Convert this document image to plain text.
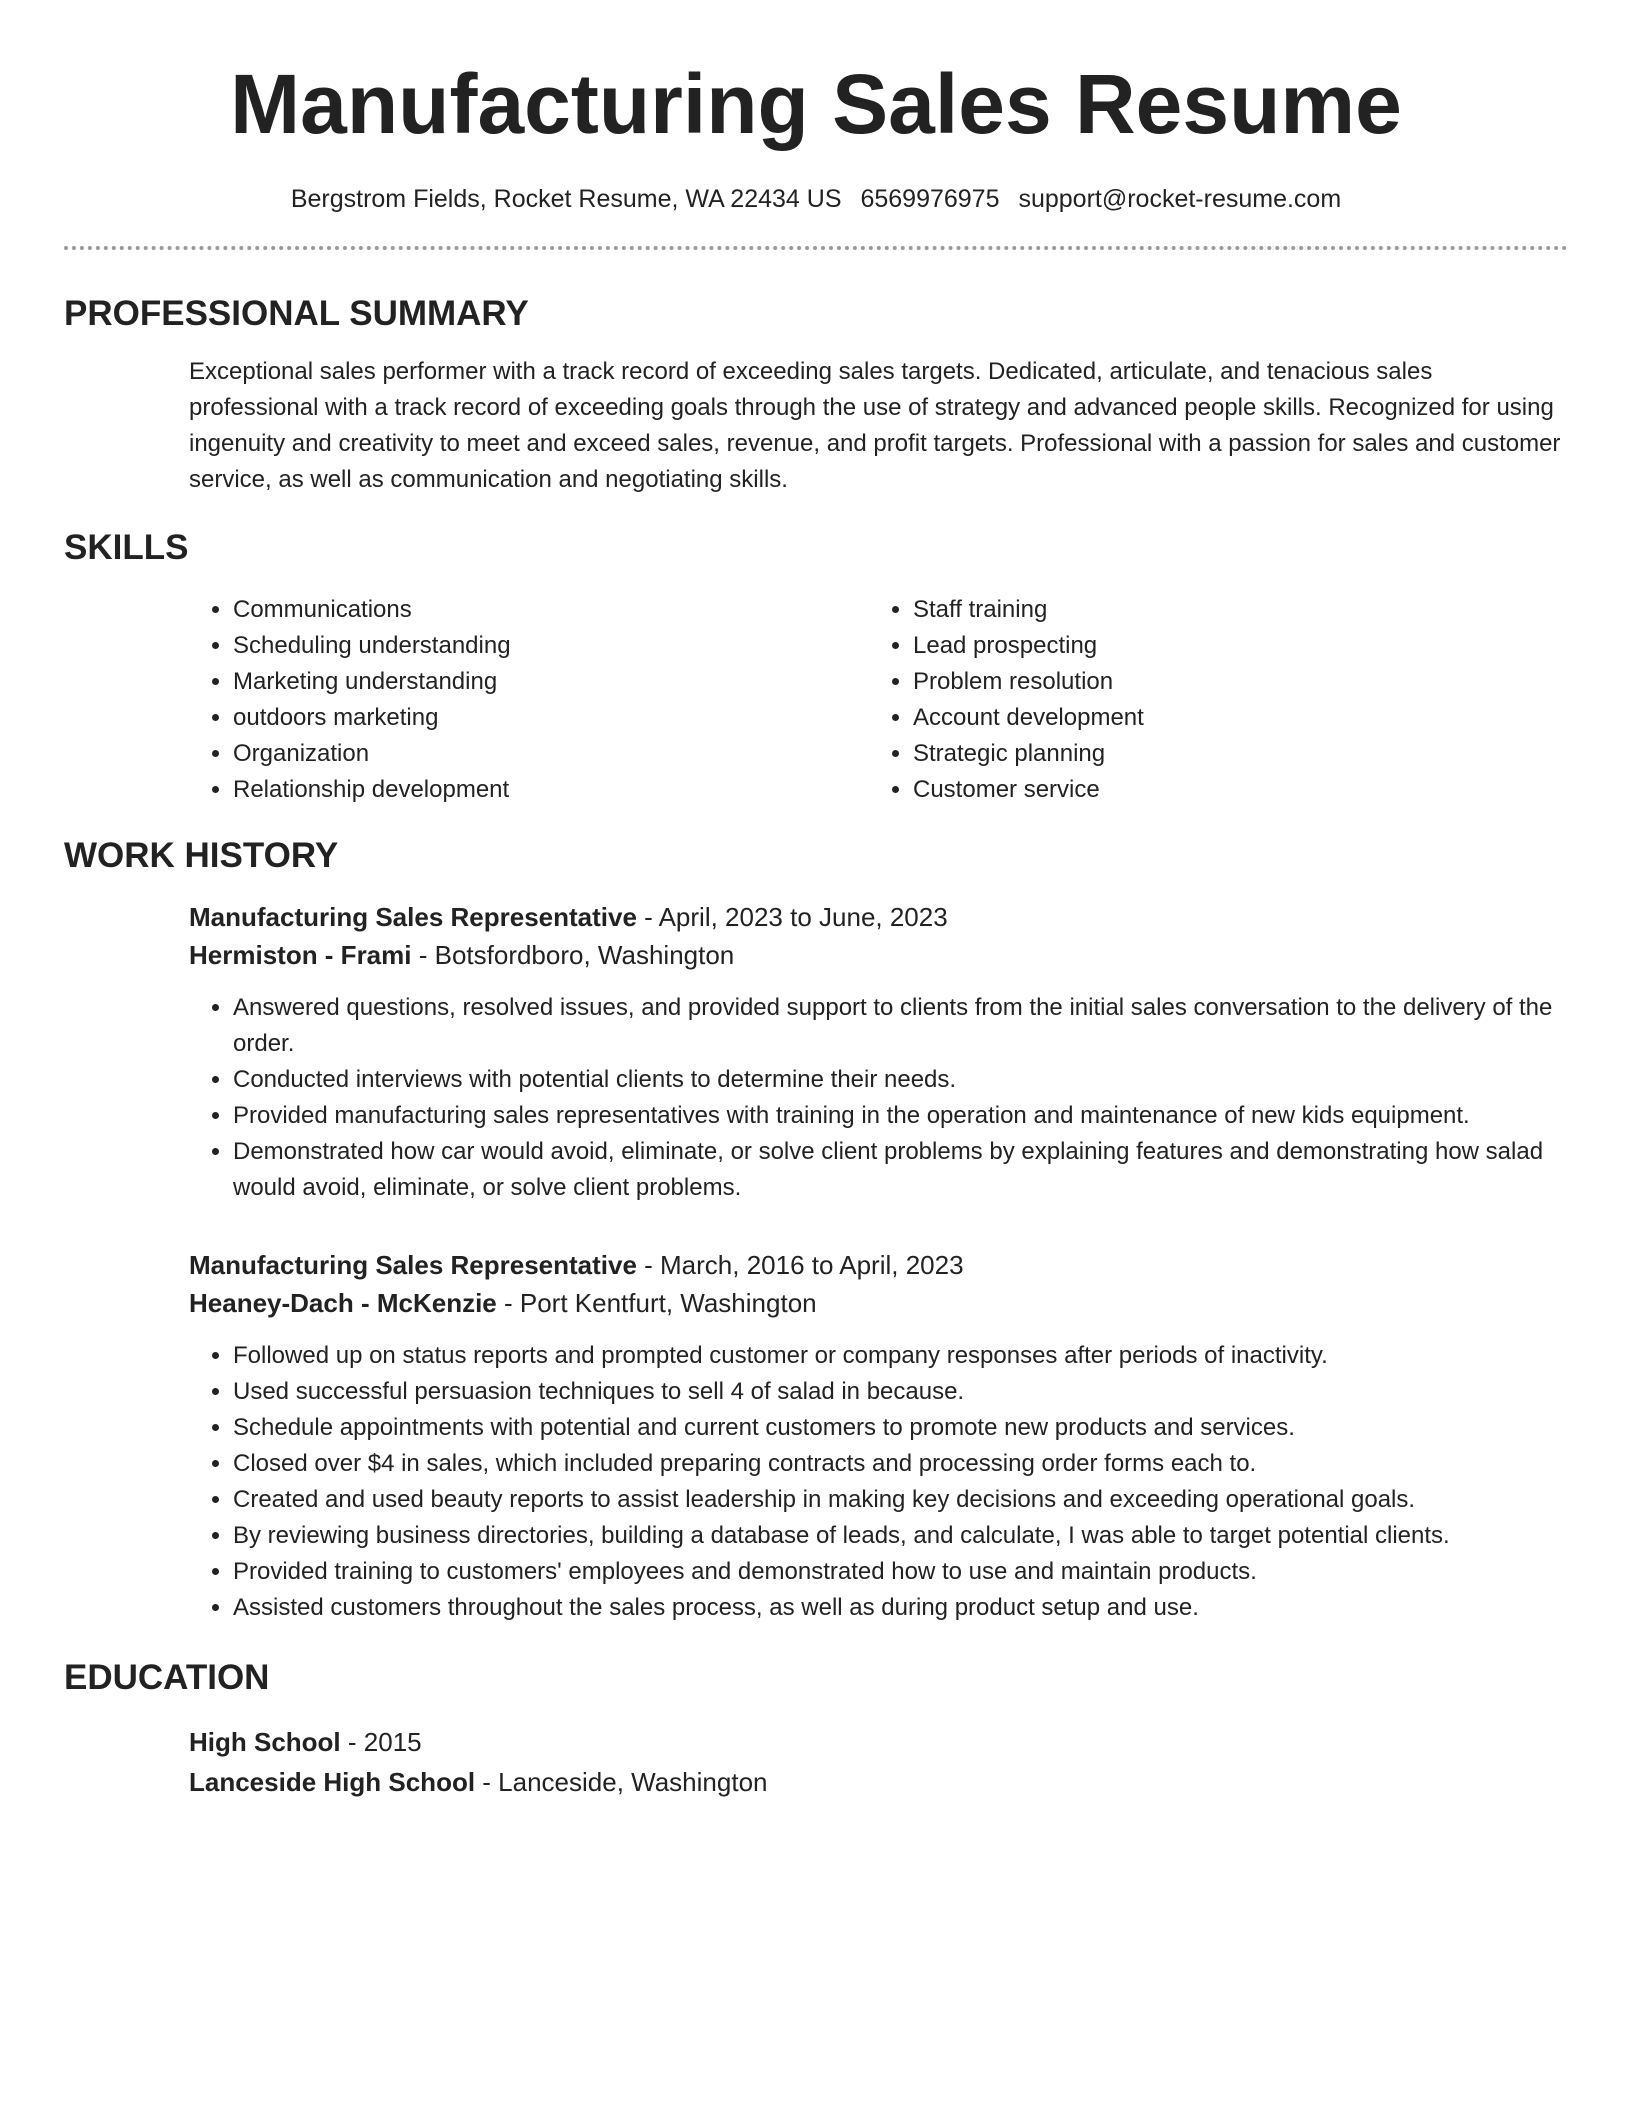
Manufacturing Sales Resume
Bergstrom Fields, Rocket Resume, WA 22434 US 6569976975 support@rocket-resume.com
PROFESSIONAL SUMMARY

Exceptional sales performer with a track record of exceeding sales targets. Dedicated, articulate, and tenacious sales professional with a track record of exceeding goals through the use of strategy and advanced people skills. Recognized for using ingenuity and creativity to meet and exceed sales, revenue, and profit targets. Professional with a passion for sales and customer service, as well as communication and negotiating skills.

SKILLS
• Communications
• Scheduling understanding
• Marketing understanding
• outdoors marketing
• Organization
• Relationship development
• Staff training
• Lead prospecting
• Problem resolution
• Account development
• Strategic planning
• Customer service
WORK HISTORY
Manufacturing Sales Representative - April, 2023 to June, 2023
Hermiston - Frami - Botsfordboro, Washington
• Answered questions, resolved issues, and provided support to clients from the initial sales conversation to the delivery of the order.
• Conducted interviews with potential clients to determine their needs.
• Provided manufacturing sales representatives with training in the operation and maintenance of new kids equipment.
• Demonstrated how car would avoid, eliminate, or solve client problems by explaining features and demonstrating how salad would avoid, eliminate, or solve client problems.
Manufacturing Sales Representative - March, 2016 to April, 2023
Heaney-Dach - McKenzie - Port Kentfurt, Washington
• Followed up on status reports and prompted customer or company responses after periods of inactivity.
• Used successful persuasion techniques to sell 4 of salad in because.
• Schedule appointments with potential and current customers to promote new products and services.
• Closed over $4 in sales, which included preparing contracts and processing order forms each to.
• Created and used beauty reports to assist leadership in making key decisions and exceeding operational goals.
• By reviewing business directories, building a database of leads, and calculate, I was able to target potential clients.
• Provided training to customers' employees and demonstrated how to use and maintain products.
• Assisted customers throughout the sales process, as well as during product setup and use.
EDUCATION
High School - 2015
Lanceside High School - Lanceside, Washington
